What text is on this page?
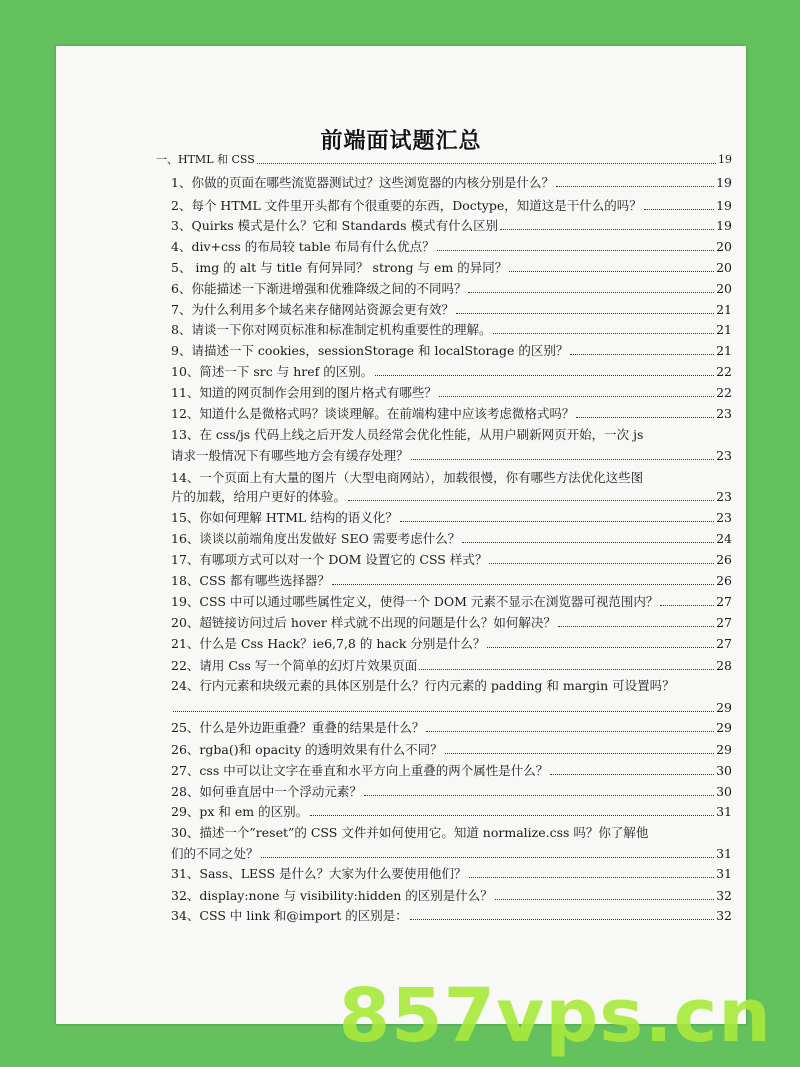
前端面试题汇总
一、HTML 和 CSS	19
1、你做的页面在哪些流览器测试过？这些浏览器的内核分别是什么？	19
2、每个 HTML 文件里开头都有个很重要的东西，Doctype，知道这是干什么的吗？	19
3、Quirks 模式是什么？它和 Standards 模式有什么区别	19
4、div+css 的布局较 table 布局有什么优点？	20
5、 img 的 alt 与 title 有何异同？ strong 与 em 的异同？	20
6、你能描述一下渐进增强和优雅降级之间的不同吗？	20
7、为什么利用多个域名来存储网站资源会更有效？	21
8、请谈一下你对网页标准和标准制定机构重要性的理解。	21
9、请描述一下 cookies，sessionStorage 和 localStorage 的区别？	21
10、简述一下 src 与 href 的区别。	22
11、知道的网页制作会用到的图片格式有哪些？	22
12、知道什么是微格式吗？谈谈理解。在前端构建中应该考虑微格式吗？	23
13、在 css/js 代码上线之后开发人员经常会优化性能，从用户刷新网页开始，一次 js
请求一般情况下有哪些地方会有缓存处理？	23
14、一个页面上有大量的图片（大型电商网站），加载很慢，你有哪些方法优化这些图
片的加载，给用户更好的体验。	23
15、你如何理解 HTML 结构的语义化？	23
16、谈谈以前端角度出发做好 SEO 需要考虑什么？	24
17、有哪项方式可以对一个 DOM 设置它的 CSS 样式？	26
18、CSS 都有哪些选择器？	26
19、CSS 中可以通过哪些属性定义，使得一个 DOM 元素不显示在浏览器可视范围内？	27
20、超链接访问过后 hover 样式就不出现的问题是什么？如何解决？	27
21、什么是 Css Hack？ie6,7,8 的 hack 分别是什么？	27
22、请用 Css 写一个简单的幻灯片效果页面	28
24、行内元素和块级元素的具体区别是什么？行内元素的 padding 和 margin 可设置吗？
29
25、什么是外边距重叠？重叠的结果是什么？	29
26、rgba()和 opacity 的透明效果有什么不同？	29
27、css 中可以让文字在垂直和水平方向上重叠的两个属性是什么？	30
28、如何垂直居中一个浮动元素？	30
29、px 和 em 的区别。	31
30、描述一个”reset”的 CSS 文件并如何使用它。知道 normalize.css 吗？你了解他
们的不同之处？	31
31、Sass、LESS 是什么？大家为什么要使用他们？	31
32、display:none 与 visibility:hidden 的区别是什么？	32
34、CSS 中 link 和@import 的区别是：	32
857vps.cn
